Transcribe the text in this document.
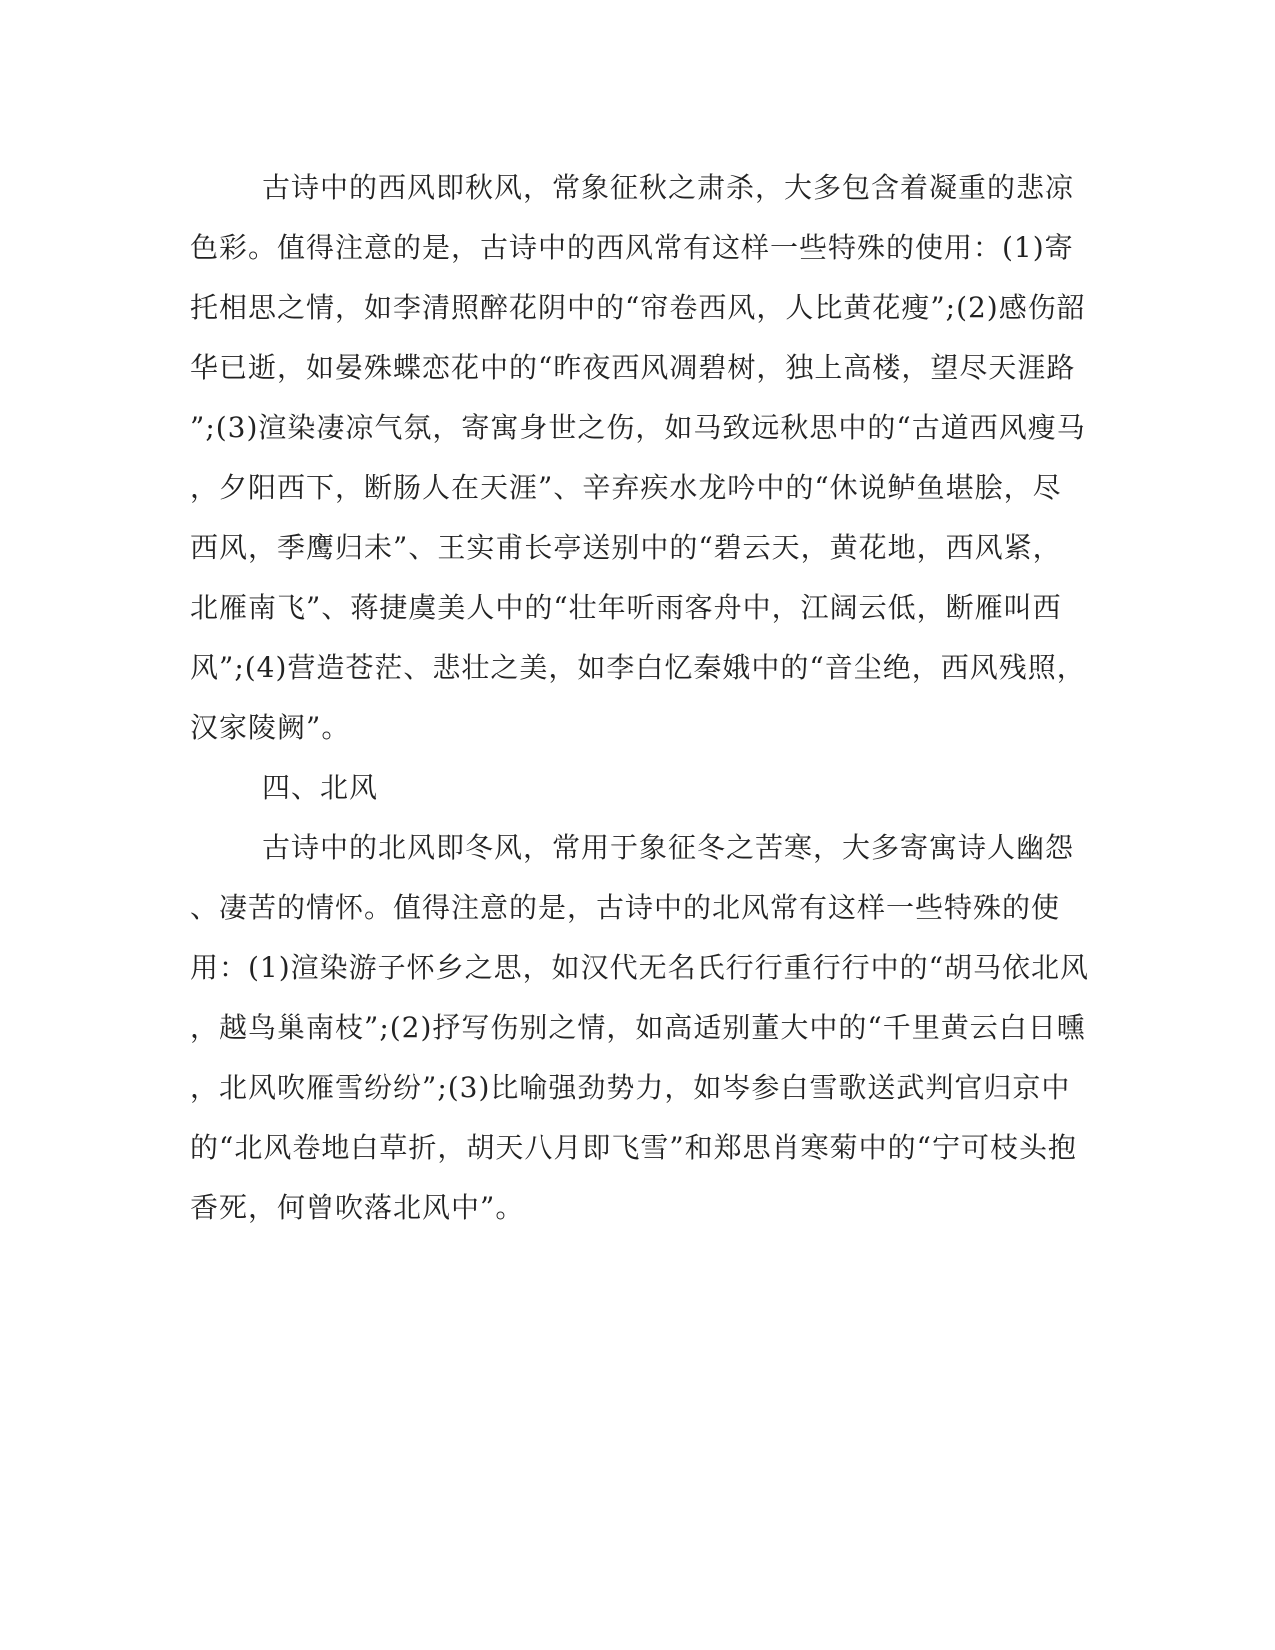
古诗中的西风即秋风，常象征秋之肃杀，大多包含着凝重的悲凉
色彩。值得注意的是，古诗中的西风常有这样一些特殊的使用：(1)寄
托相思之情，如李清照醉花阴中的“帘卷西风，人比黄花瘦”;(2)感伤韶
华已逝，如晏殊蝶恋花中的“昨夜西风凋碧树，独上高楼，望尽天涯路
”;(3)渲染凄凉气氛，寄寓身世之伤，如马致远秋思中的“古道西风瘦马
，夕阳西下，断肠人在天涯”、辛弃疾水龙吟中的“休说鲈鱼堪脍，尽
西风，季鹰归未”、王实甫长亭送别中的“碧云天，黄花地，西风紧，
北雁南飞”、蒋捷虞美人中的“壮年听雨客舟中，江阔云低，断雁叫西
风”;(4)营造苍茫、悲壮之美，如李白忆秦娥中的“音尘绝，西风残照，
汉家陵阙”。
四、北风
古诗中的北风即冬风，常用于象征冬之苦寒，大多寄寓诗人幽怨
、凄苦的情怀。值得注意的是，古诗中的北风常有这样一些特殊的使
用：(1)渲染游子怀乡之思，如汉代无名氏行行重行行中的“胡马依北风
，越鸟巢南枝”;(2)抒写伤别之情，如高适别董大中的“千里黄云白日曛
，北风吹雁雪纷纷”;(3)比喻强劲势力，如岑参白雪歌送武判官归京中
的“北风卷地白草折，胡天八月即飞雪”和郑思肖寒菊中的“宁可枝头抱
香死，何曾吹落北风中”。
